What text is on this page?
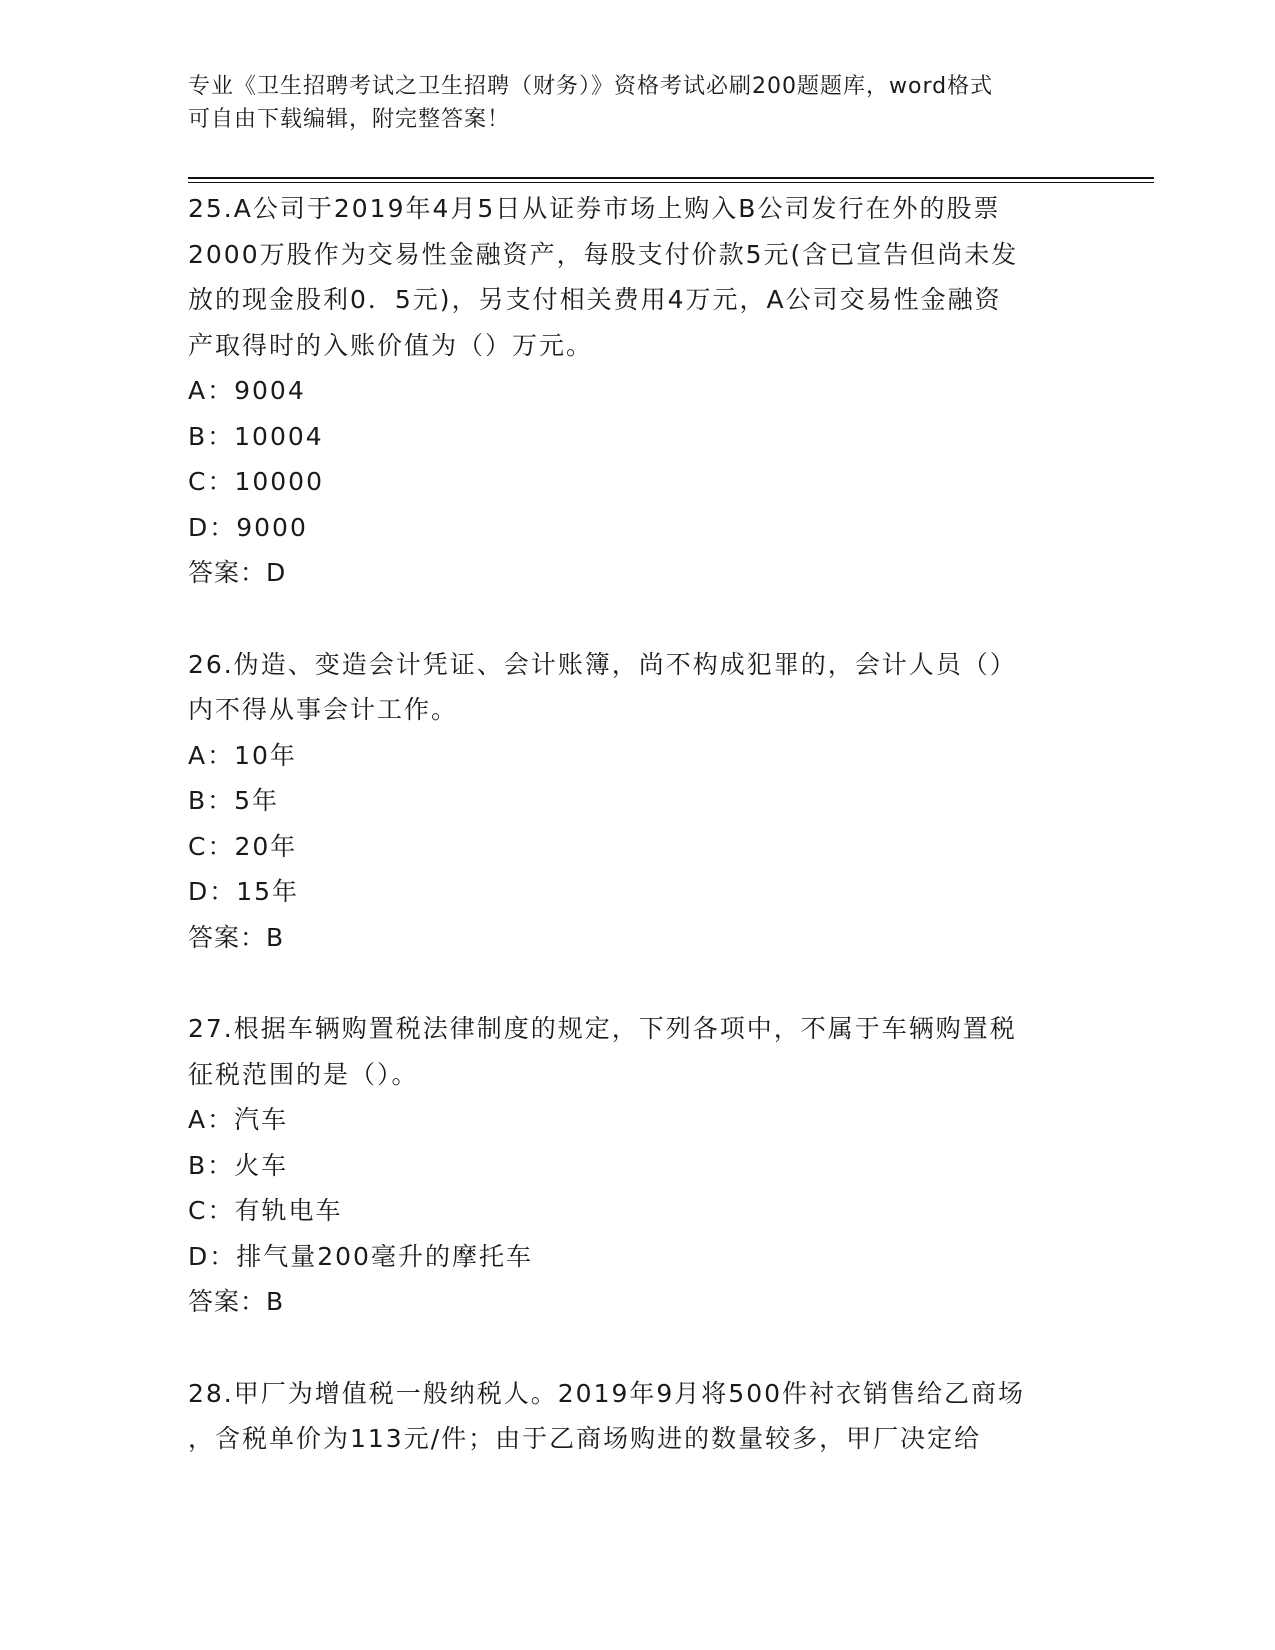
专业《卫生招聘考试之卫生招聘（财务）》资格考试必刷200题题库，word格式
可自由下载编辑，附完整答案！
25.A公司于2019年4月5日从证券市场上购入B公司发行在外的股票
2000万股作为交易性金融资产，每股支付价款5元(含已宣告但尚未发
放的现金股利0．5元)，另支付相关费用4万元，A公司交易性金融资
产取得时的入账价值为（）万元。
A：9004
B：10004
C：10000
D：9000
答案：D
26.伪造、变造会计凭证、会计账簿，尚不构成犯罪的，会计人员（）
内不得从事会计工作。
A：10年
B：5年
C：20年
D：15年
答案：B
27.根据车辆购置税法律制度的规定，下列各项中，不属于车辆购置税
征税范围的是（）。
A：汽车
B：火车
C：有轨电车
D：排气量200毫升的摩托车
答案：B
28.甲厂为增值税一般纳税人。2019年9月将500件衬衣销售给乙商场
，含税单价为113元/件；由于乙商场购进的数量较多，甲厂决定给
